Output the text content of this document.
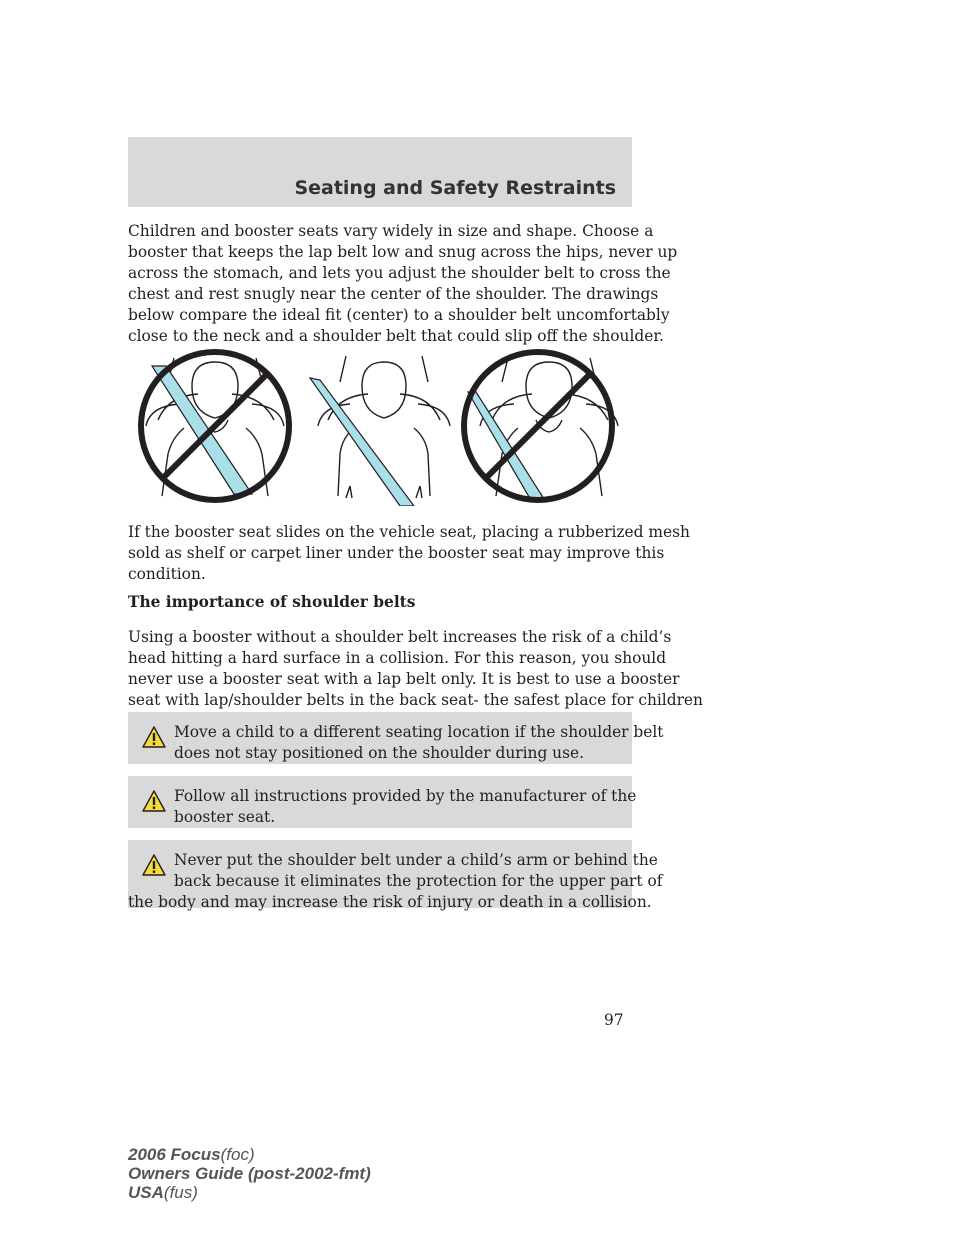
Seating and Safety Restraints

Children and booster seats vary widely in size and shape. Choose a
booster that keeps the lap belt low and snug across the hips, never up
across the stomach, and lets you adjust the shoulder belt to cross the
chest and rest snugly near the center of the shoulder. The drawings
below compare the ideal fit (center) to a shoulder belt uncomfortably
close to the neck and a shoulder belt that could slip off the shoulder.

If the booster seat slides on the vehicle seat, placing a rubberized mesh
sold as shelf or carpet liner under the booster seat may improve this
condition.

The importance of shoulder belts

Using a booster without a shoulder belt increases the risk of a child’s
head hitting a hard surface in a collision. For this reason, you should
never use a booster seat with a lap belt only. It is best to use a booster
seat with lap/shoulder belts in the back seat- the safest place for children

Move a child to a different seating location if the shoulder belt
does not stay positioned on the shoulder during use.
Follow all instructions provided by the manufacturer of the
booster seat.
Never put the shoulder belt under a child’s arm or behind the
back because it eliminates the protection for the upper part of
the body and may increase the risk of injury or death in a collision.

97

2006 Focus(foc)
Owners Guide (post-2002-fmt)
USA(fus)
